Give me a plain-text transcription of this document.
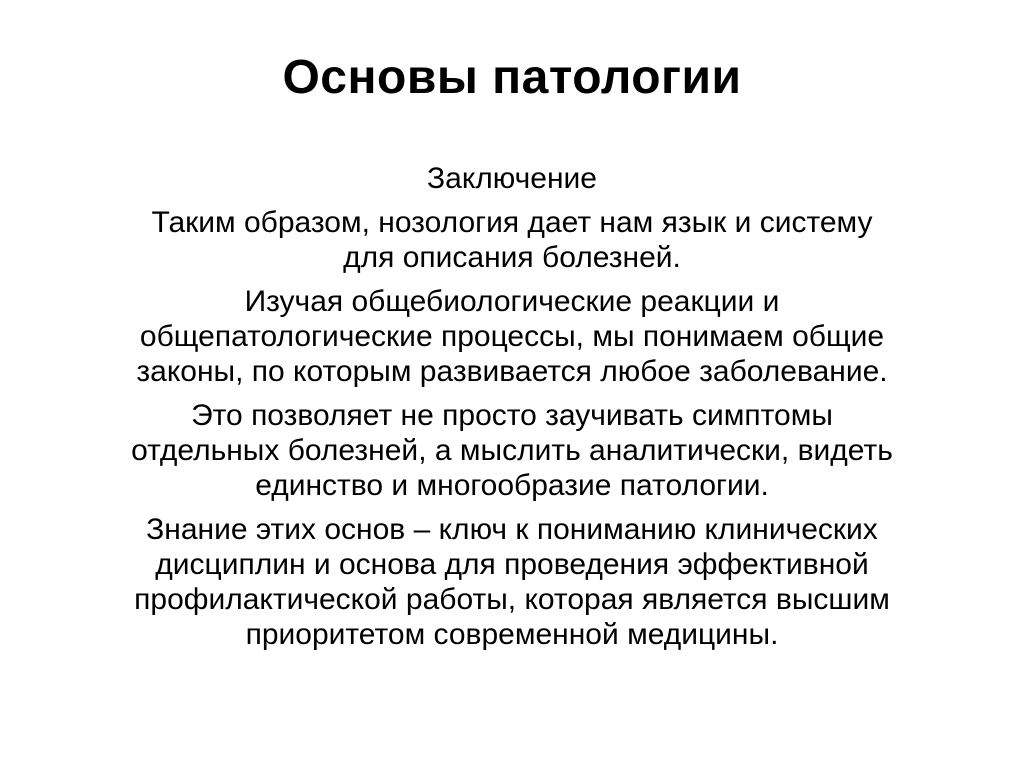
Основы патологии

Заключение

Таким образом, нозология дает нам язык и систему
для описания болезней.

Изучая общебиологические реакции и
общепатологические процессы, мы понимаем общие
законы, по которым развивается любое заболевание.

Это позволяет не просто заучивать симптомы
отдельных болезней, а мыслить аналитически, видеть
единство и многообразие патологии.

Знание этих основ – ключ к пониманию клинических
дисциплин и основа для проведения эффективной
профилактической работы, которая является высшим
приоритетом современной медицины.
